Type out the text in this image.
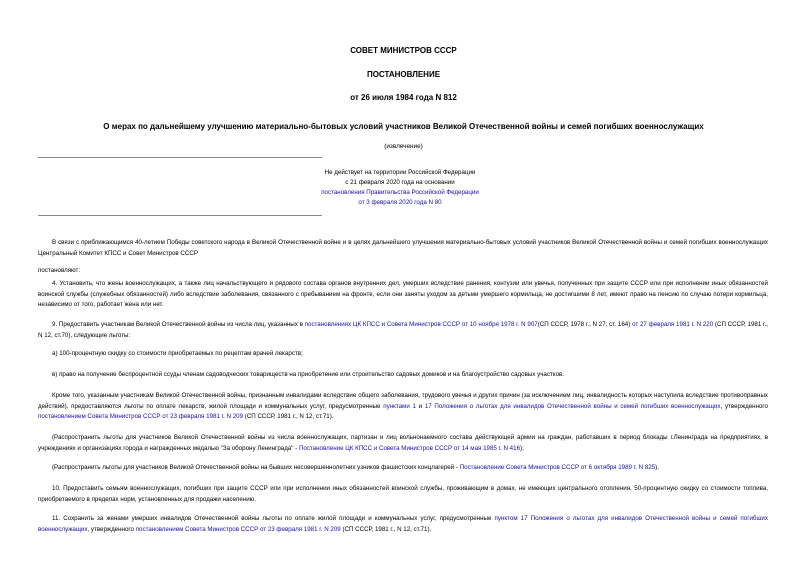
СОВЕТ МИНИСТРОВ СССР
ПОСТАНОВЛЕНИЕ
от 26 июля 1984 года N 812
О мерах по дальнейшему улучшению материально-бытовых условий участников Великой Отечественной войны и семей погибших военнослужащих
(извлечение)
Не действует на территории Российской Федерации
с 21 февраля 2020 года на основании
постановления Правительства Российской Федерации
от 3 февраля 2020 года N 80
В связи с приближающимся 40-летием Победы советского народа в Великой Отечественной войне и в целях дальнейшего улучшения материально-бытовых условий участников Великой Отечественной войны и семей погибших военнослужащих Центральный Комитет КПСС и Совет Министров СССР
постановляют:
4. Установить, что жены военнослужащих, а также лиц начальствующего и рядового состава органов внутренних дел, умерших вследствие ранения, контузии или увечья, полученных при защите СССР или при исполнении иных обязанностей воинской службы (служебных обязанностей) либо вследствие заболевания, связанного с пребыванием на фронте, если они заняты уходом за детьми умершего кормильца, не достигшими 8 лет, имеют право на пенсию по случаю потери кормильца, независимо от того, работает жена или нет.
9. Предоставить участникам Великой Отечественной войны из числа лиц, указанных в постановлениях ЦК КПСС и Совета Министров СССР от 10 ноября 1978 г. N 907(СП СССР, 1978 г., N 27, ст. 164) от 27 февраля 1981 г. N 220 (СП СССР, 1981 г., N 12, ст.70), следующие льготы:
а) 100-процентную скидку со стоимости приобретаемых по рецептам врачей лекарств;
в) право на получение беспроцентной ссуды членам садоводческих товариществ на приобретение или строительство садовых домиков и на благоустройство садовых участков.
Кроме того, указанным участникам Великой Отечественной войны, признанным инвалидами вследствие общего заболевания, трудового увечья и других причин (за исключением лиц, инвалидность которых наступила вследствие противоправных действий), предоставляются льготы по оплате лекарств, жилой площади и коммунальных услуг, предусмотренные пунктами 1 и 17 Положения о льготах для инвалидов Отечественной войны и семей погибших военнослужащих, утвержденного постановлением Совета Министров СССР от 23 февраля 1981 г. N 209 (СП СССР, 1981 г., N 12, ст.71).
(Распространить льготы для участников Великой Отечественной войны из числа военнослужащих, партизан и лиц вольнонаемного состава действующей армии на граждан, работавших в период блокады г.Ленинграда на предприятиях, в учреждениях и организациях города и награжденных медалью "За оборону Ленинграда" - Постановление ЦК КПСС и Совета Министров СССР от 14 мая 1985 г. N 416);
(Распространить льготы для участников Великой Отечественной войны на бывших несовершеннолетних узников фашистских концлагерей - Постановление Совета Министров СССР от 6 октября 1989 г. N 825).
10. Предоставить семьям военнослужащих, погибших при защите СССР или при исполнении иных обязанностей воинской службы, проживающим в домах, не имеющих центрального отопления, 50-процентную скидку со стоимости топлива, приобретаемого в пределах норм, установленных для продажи населению.
11. Сохранить за женами умерших инвалидов Отечественной войны льготы по оплате жилой площади и коммунальных услуг, предусмотренные пунктом 17 Положения о льготах для инвалидов Отечественной войны и семей погибших военнослужащих, утвержденного постановлением Совета Министров СССР от 23 февраля 1981 г. N 209 (СП СССР, 1981 г., N 12, ст.71).
